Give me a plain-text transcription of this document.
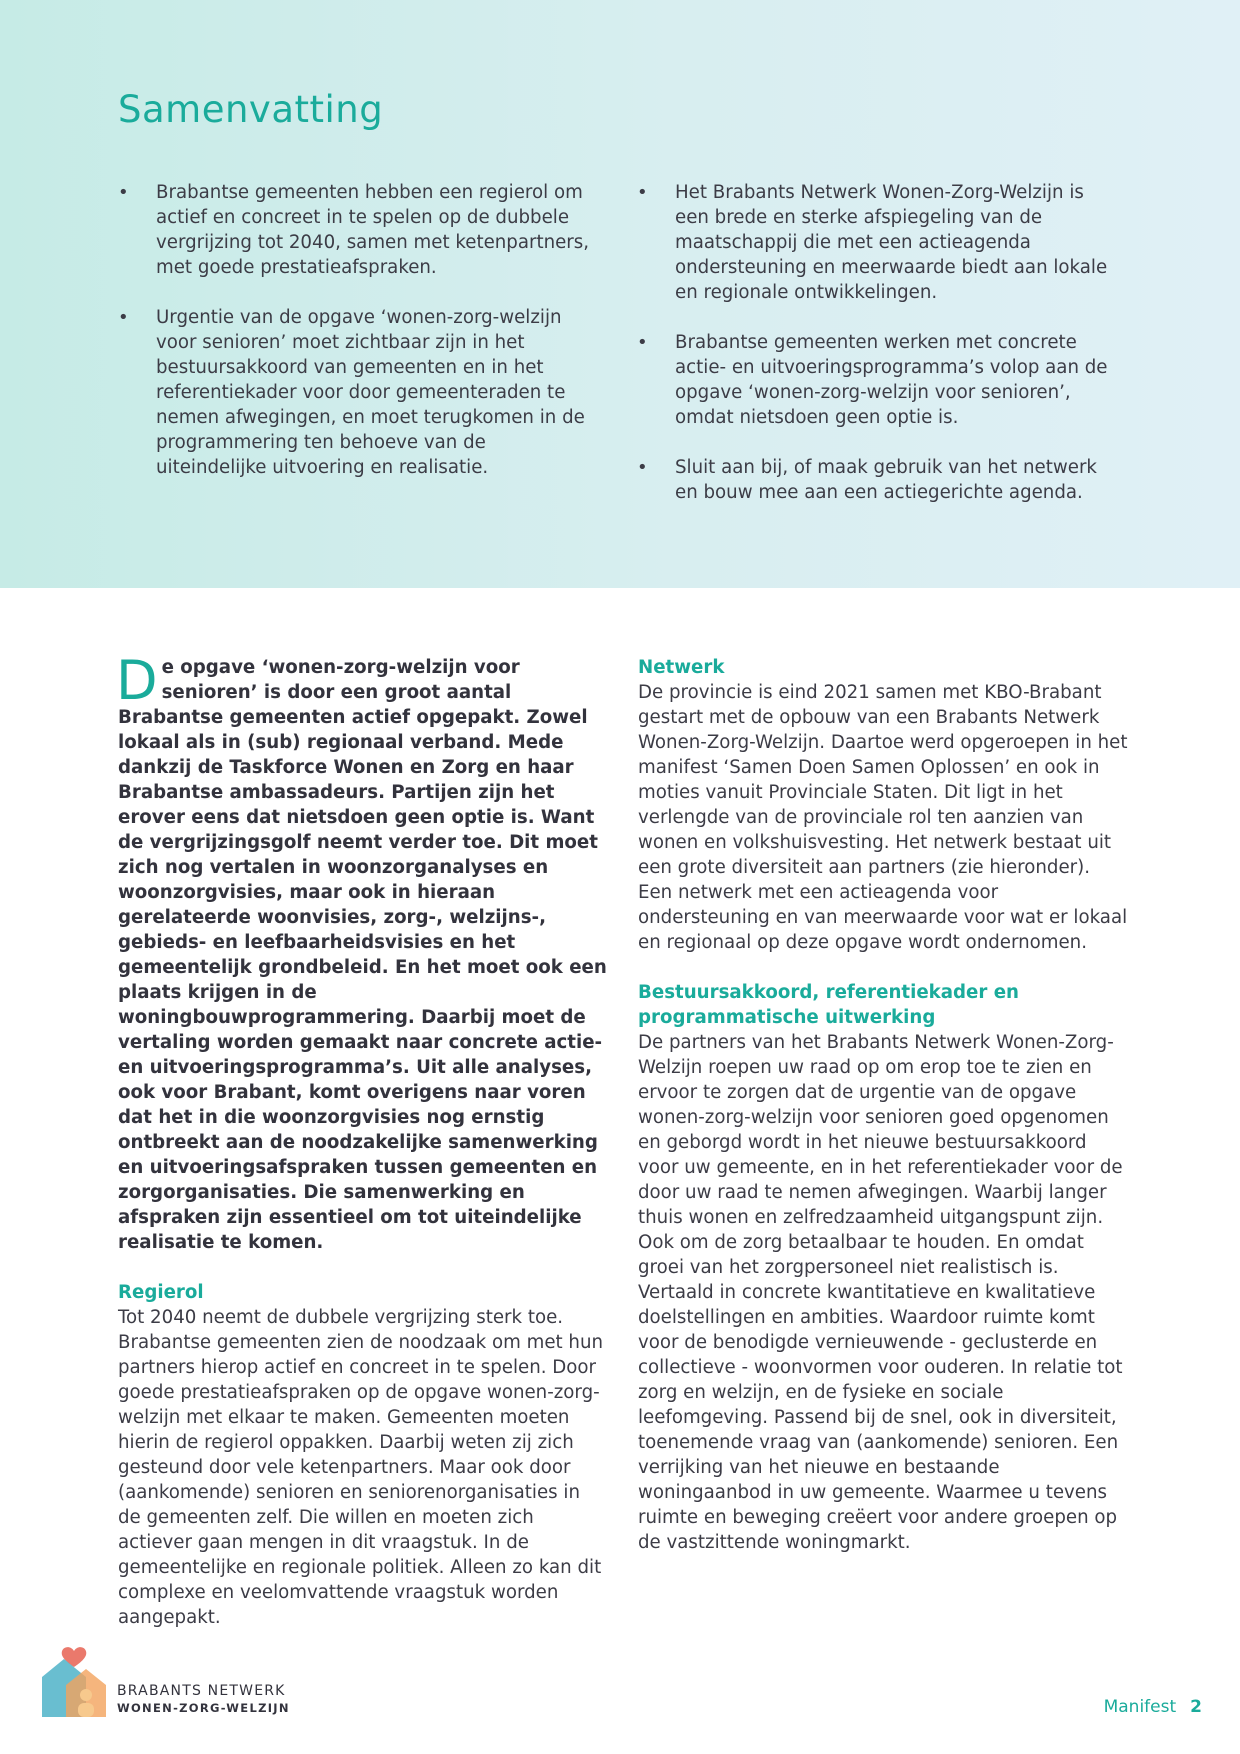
Samenvatting
• Brabantse gemeenten hebben een regierol om actief en concreet in te spelen op de dubbele vergrijzing tot 2040, samen met ketenpartners, met goede prestatieafspraken.
• Urgentie van de opgave ‘wonen-zorg-welzijn voor senioren’ moet zichtbaar zijn in het bestuursakkoord van gemeenten en in het referentiekader voor door gemeenteraden te nemen afwegingen, en moet terugkomen in de programmering ten behoeve van de uiteindelijke uitvoering en realisatie.
• Het Brabants Netwerk Wonen-Zorg-Welzijn is een brede en sterke afspiegeling van de maatschappij die met een actieagenda ondersteuning en meerwaarde biedt aan lokale en regionale ontwikkelingen.
• Brabantse gemeenten werken met concrete actie- en uitvoeringsprogramma’s volop aan de opgave ‘wonen-zorg-welzijn voor senioren’, omdat nietsdoen geen optie is.
• Sluit aan bij, of maak gebruik van het netwerk en bouw mee aan een actiegerichte agenda.

De opgave ‘wonen-zorg-welzijn voor senioren’ is door een groot aantal Brabantse gemeenten actief opgepakt. Zowel lokaal als in (sub) regionaal verband. Mede dankzij de Taskforce Wonen en Zorg en haar Brabantse ambassadeurs. Partijen zijn het erover eens dat nietsdoen geen optie is. Want de vergrijzingsgolf neemt verder toe. Dit moet zich nog vertalen in woonzorganalyses en woonzorgvisies, maar ook in hieraan gerelateerde woonvisies, zorg-, welzijns-, gebieds- en leefbaarheidsvisies en het gemeentelijk grondbeleid. En het moet ook een plaats krijgen in de woningbouwprogrammering. Daarbij moet de vertaling worden gemaakt naar concrete actie- en uitvoeringsprogramma’s. Uit alle analyses, ook voor Brabant, komt overigens naar voren dat het in die woonzorgvisies nog ernstig ontbreekt aan de noodzakelijke samenwerking en uitvoeringsafspraken tussen gemeenten en zorgorganisaties. Die samenwerking en afspraken zijn essentieel om tot uiteindelijke realisatie te komen.

Regierol

Tot 2040 neemt de dubbele vergrijzing sterk toe. Brabantse gemeenten zien de noodzaak om met hun partners hierop actief en concreet in te spelen. Door goede prestatieafspraken op de opgave wonen-zorg-welzijn met elkaar te maken. Gemeenten moeten hierin de regierol oppakken. Daarbij weten zij zich gesteund door vele ketenpartners. Maar ook door (aankomende) senioren en seniorenorganisaties in de gemeenten zelf. Die willen en moeten zich actiever gaan mengen in dit vraagstuk. In de gemeentelijke en regionale politiek. Alleen zo kan dit complexe en veelomvattende vraagstuk worden aangepakt.

Netwerk

De provincie is eind 2021 samen met KBO-Brabant gestart met de opbouw van een Brabants Netwerk Wonen-Zorg-Welzijn. Daartoe werd opgeroepen in het manifest ‘Samen Doen Samen Oplossen’ en ook in moties vanuit Provinciale Staten. Dit ligt in het verlengde van de provinciale rol ten aanzien van wonen en volkshuisvesting. Het netwerk bestaat uit een grote diversiteit aan partners (zie hieronder). Een netwerk met een actieagenda voor ondersteuning en van meerwaarde voor wat er lokaal en regionaal op deze opgave wordt ondernomen.

Bestuursakkoord, referentiekader en programmatische uitwerking

De partners van het Brabants Netwerk Wonen-Zorg-Welzijn roepen uw raad op om erop toe te zien en ervoor te zorgen dat de urgentie van de opgave wonen-zorg-welzijn voor senioren goed opgenomen en geborgd wordt in het nieuwe bestuursakkoord voor uw gemeente, en in het referentiekader voor de door uw raad te nemen afwegingen. Waarbij langer thuis wonen en zelfredzaamheid uitgangspunt zijn. Ook om de zorg betaalbaar te houden. En omdat groei van het zorgpersoneel niet realistisch is. Vertaald in concrete kwantitatieve en kwalitatieve doelstellingen en ambities. Waardoor ruimte komt voor de benodigde vernieuwende - geclusterde en collectieve - woonvormen voor ouderen. In relatie tot zorg en welzijn, en de fysieke en sociale leefomgeving. Passend bij de snel, ook in diversiteit, toenemende vraag van (aankomende) senioren. Een verrijking van het nieuwe en bestaande woningaanbod in uw gemeente. Waarmee u tevens ruimte en beweging creëert voor andere groepen op de vastzittende woningmarkt.

BRABANTS NETWERK
WONEN-ZORG-WELZIJN	Manifest 2
